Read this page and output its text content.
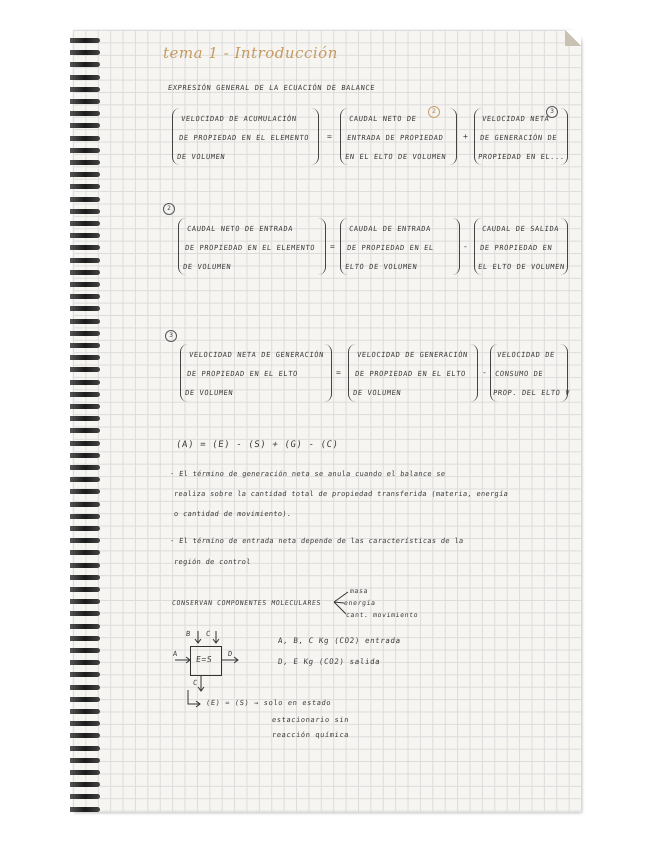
tema 1 - Introducción
EXPRESIÓN GENERAL DE LA ECUACIÓN DE BALANCE
VELOCIDAD DE ACUMULACIÓN
DE PROPIEDAD EN EL ELEMENTO
DE VOLUMEN
=
CAUDAL NETO DE
ENTRADA DE PROPIEDAD
EN EL ELTO DE VOLUMEN
2
+
VELOCIDAD NETA
DE GENERACIÓN DE
PROPIEDAD EN EL...
3
2
CAUDAL NETO DE ENTRADA
DE PROPIEDAD EN EL ELEMENTO
DE VOLUMEN
=
CAUDAL DE ENTRADA
DE PROPIEDAD EN EL
ELTO DE VOLUMEN
-
CAUDAL DE SALIDA
DE PROPIEDAD EN
EL ELTO DE VOLUMEN
3
VELOCIDAD NETA DE GENERACIÓN
DE PROPIEDAD EN EL ELTO
DE VOLUMEN
=
VELOCIDAD DE GENERACIÓN
DE PROPIEDAD EN EL ELTO
DE VOLUMEN
-
VELOCIDAD DE
CONSUMO DE
PROP. DEL ELTO V
(A) = (E) - (S) + (G) - (C)
· El término de generación neta se anula cuando el balance se
realiza sobre la cantidad total de propiedad transferida (materia, energía
o cantidad de movimiento).
· El término de entrada neta depende de las características de la
región de control
CONSERVAN COMPONENTES MOLECULARES
masa
energía
cant. movimiento
E=S
B C
A	D
C
A, B, C Kg (CO2) entrada
D, E Kg (CO2) salida
(E) = (S) → solo en estado
estacionario sin
reacción química
